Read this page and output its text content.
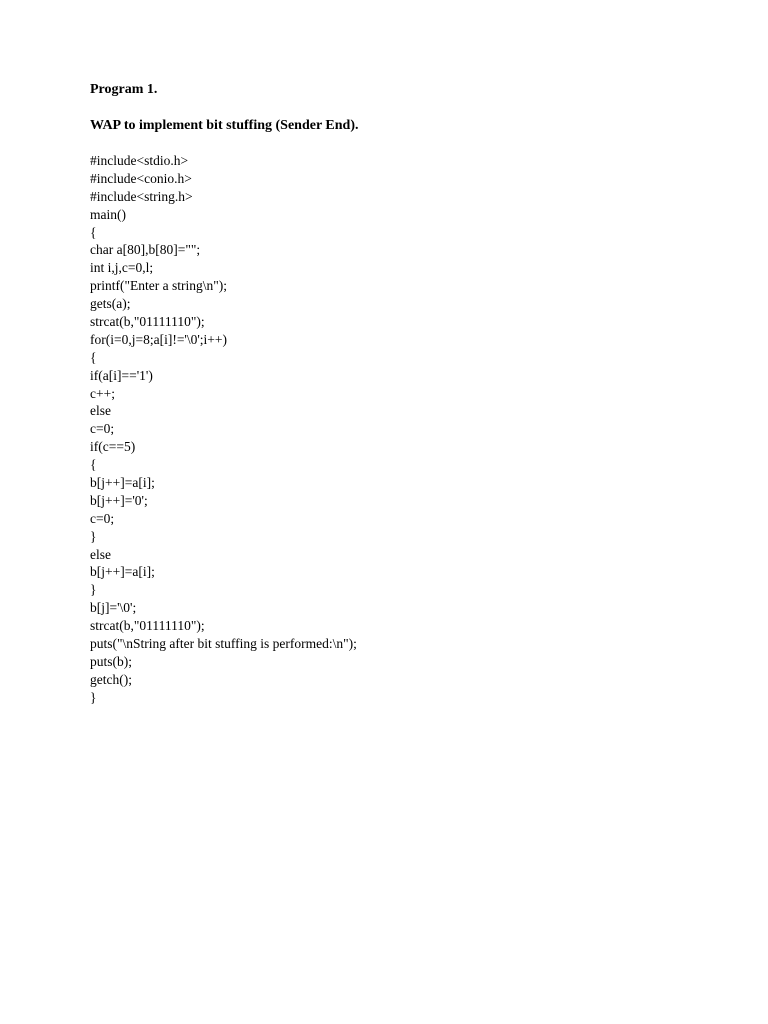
Program 1.
WAP to implement bit stuffing (Sender End).
#include<stdio.h>
#include<conio.h>
#include<string.h>
main()
{
char a[80],b[80]="";
int i,j,c=0,l;
printf("Enter a string\n");
gets(a);
strcat(b,"01111110");
for(i=0,j=8;a[i]!='\0';i++)
{
if(a[i]=='1')
c++;
else
c=0;
if(c==5)
{
b[j++]=a[i];
b[j++]='0';
c=0;
}
else
b[j++]=a[i];
}
b[j]='\0';
strcat(b,"01111110");
puts("\nString after bit stuffing is performed:\n");
puts(b);
getch();
}
